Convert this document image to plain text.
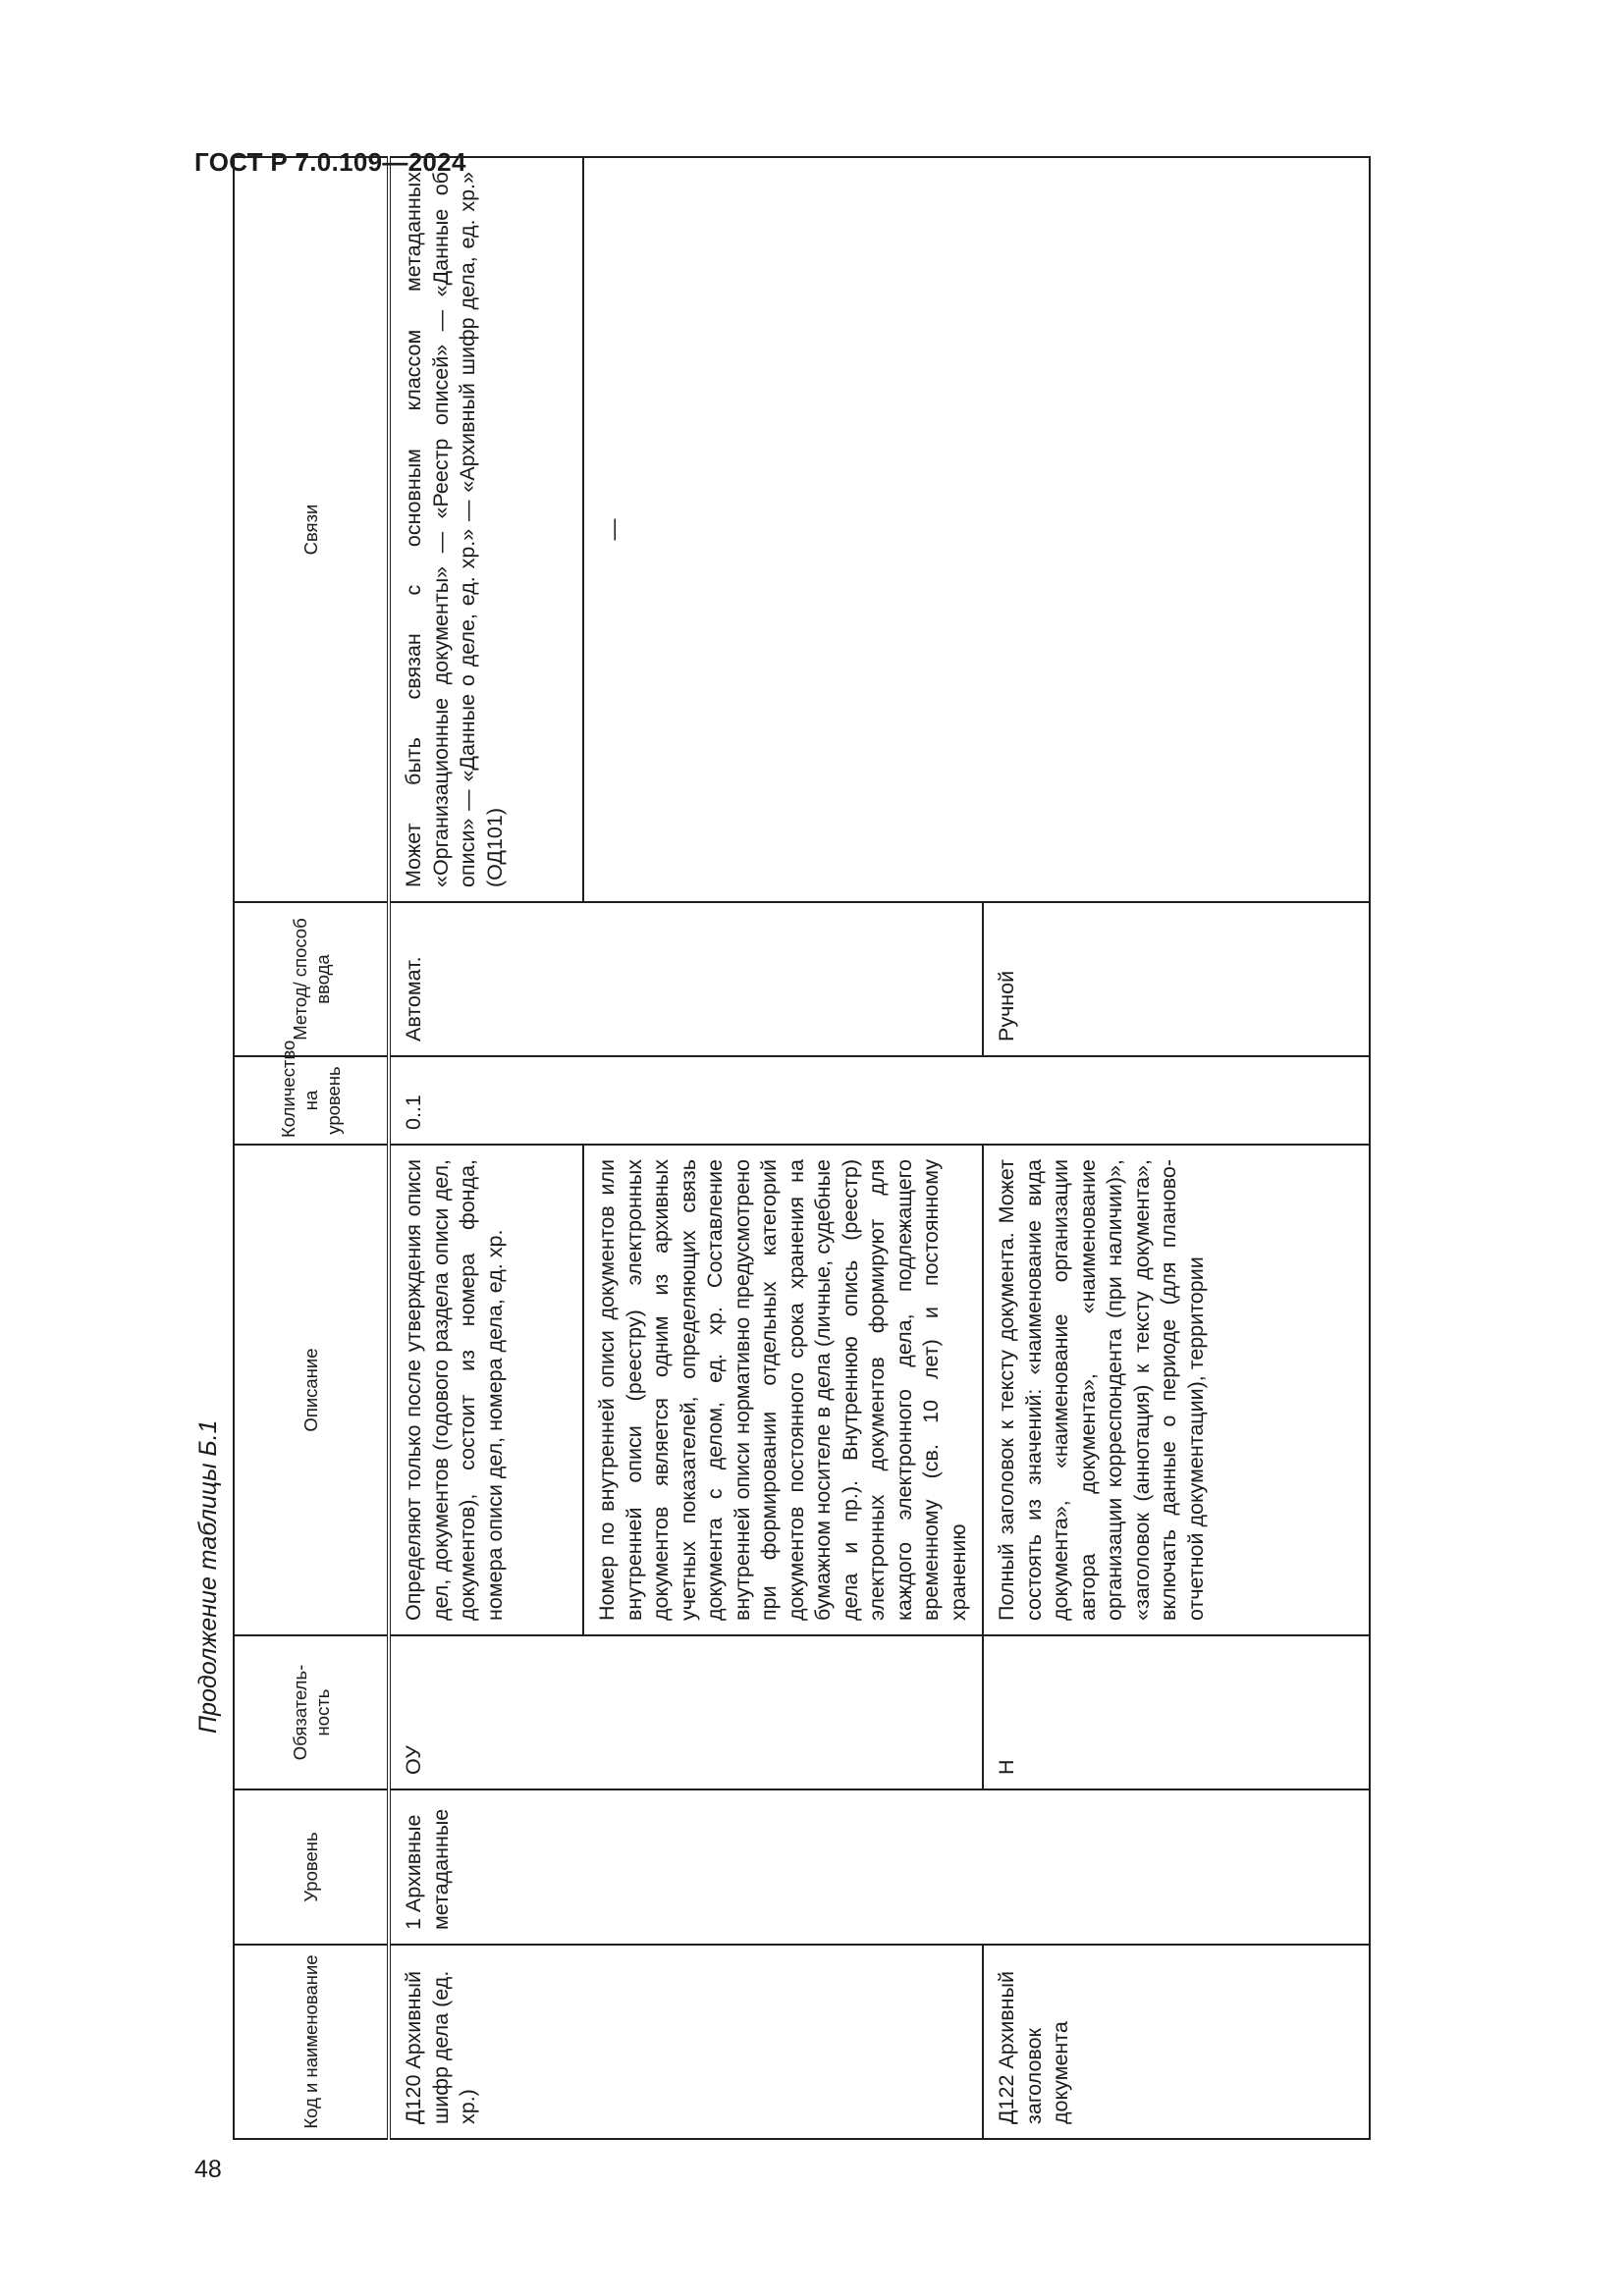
ГОСТ Р 7.0.109—2024
48
Продолжение таблицы Б.1
Код и наименование	Уровень	Обязатель-ность	Описание	Количество на уровень	Метод/ способ ввода	Связи
Д120 Архивный шифр дела (ед. хр.)	1 Архивные метаданные	ОУ	Определяют только после утверждения описи дел, документов (годового раздела описи дел, документов), состоит из номера фонда, номера описи дел, номера дела, ед. хр.	0..1	Автомат.	Может быть связан с основным классом метаданных «Организационные документы» — «Реестр описей» — «Данные об описи» — «Данные о деле, ед. хр.» — «Архивный шифр дела, ед. хр.» (ОД101)
			Номер по внутренней описи документов или внутренней описи (реестру) электронных документов является одним из архивных учетных показателей, определяющих связь документа с делом, ед. хр. Составление внутренней описи нормативно предусмотрено при формировании отдельных категорий документов постоянного срока хранения на бумажном носителе в дела (личные, судебные дела и пр.). Внутреннюю опись (реестр) электронных документов формируют для каждого электронного дела, подлежащего временному (св. 10 лет) и постоянному хранению			—
Д122 Архивный заголовок документа		Н	Полный заголовок к тексту документа. Может состоять из значений: «наименование вида документа», «наименование организации автора документа», «наименование организации корреспондента (при наличии)», «заголовок (аннотация) к тексту документа», включать данные о периоде (для планово-отчетной документации), территории		Ручной	
